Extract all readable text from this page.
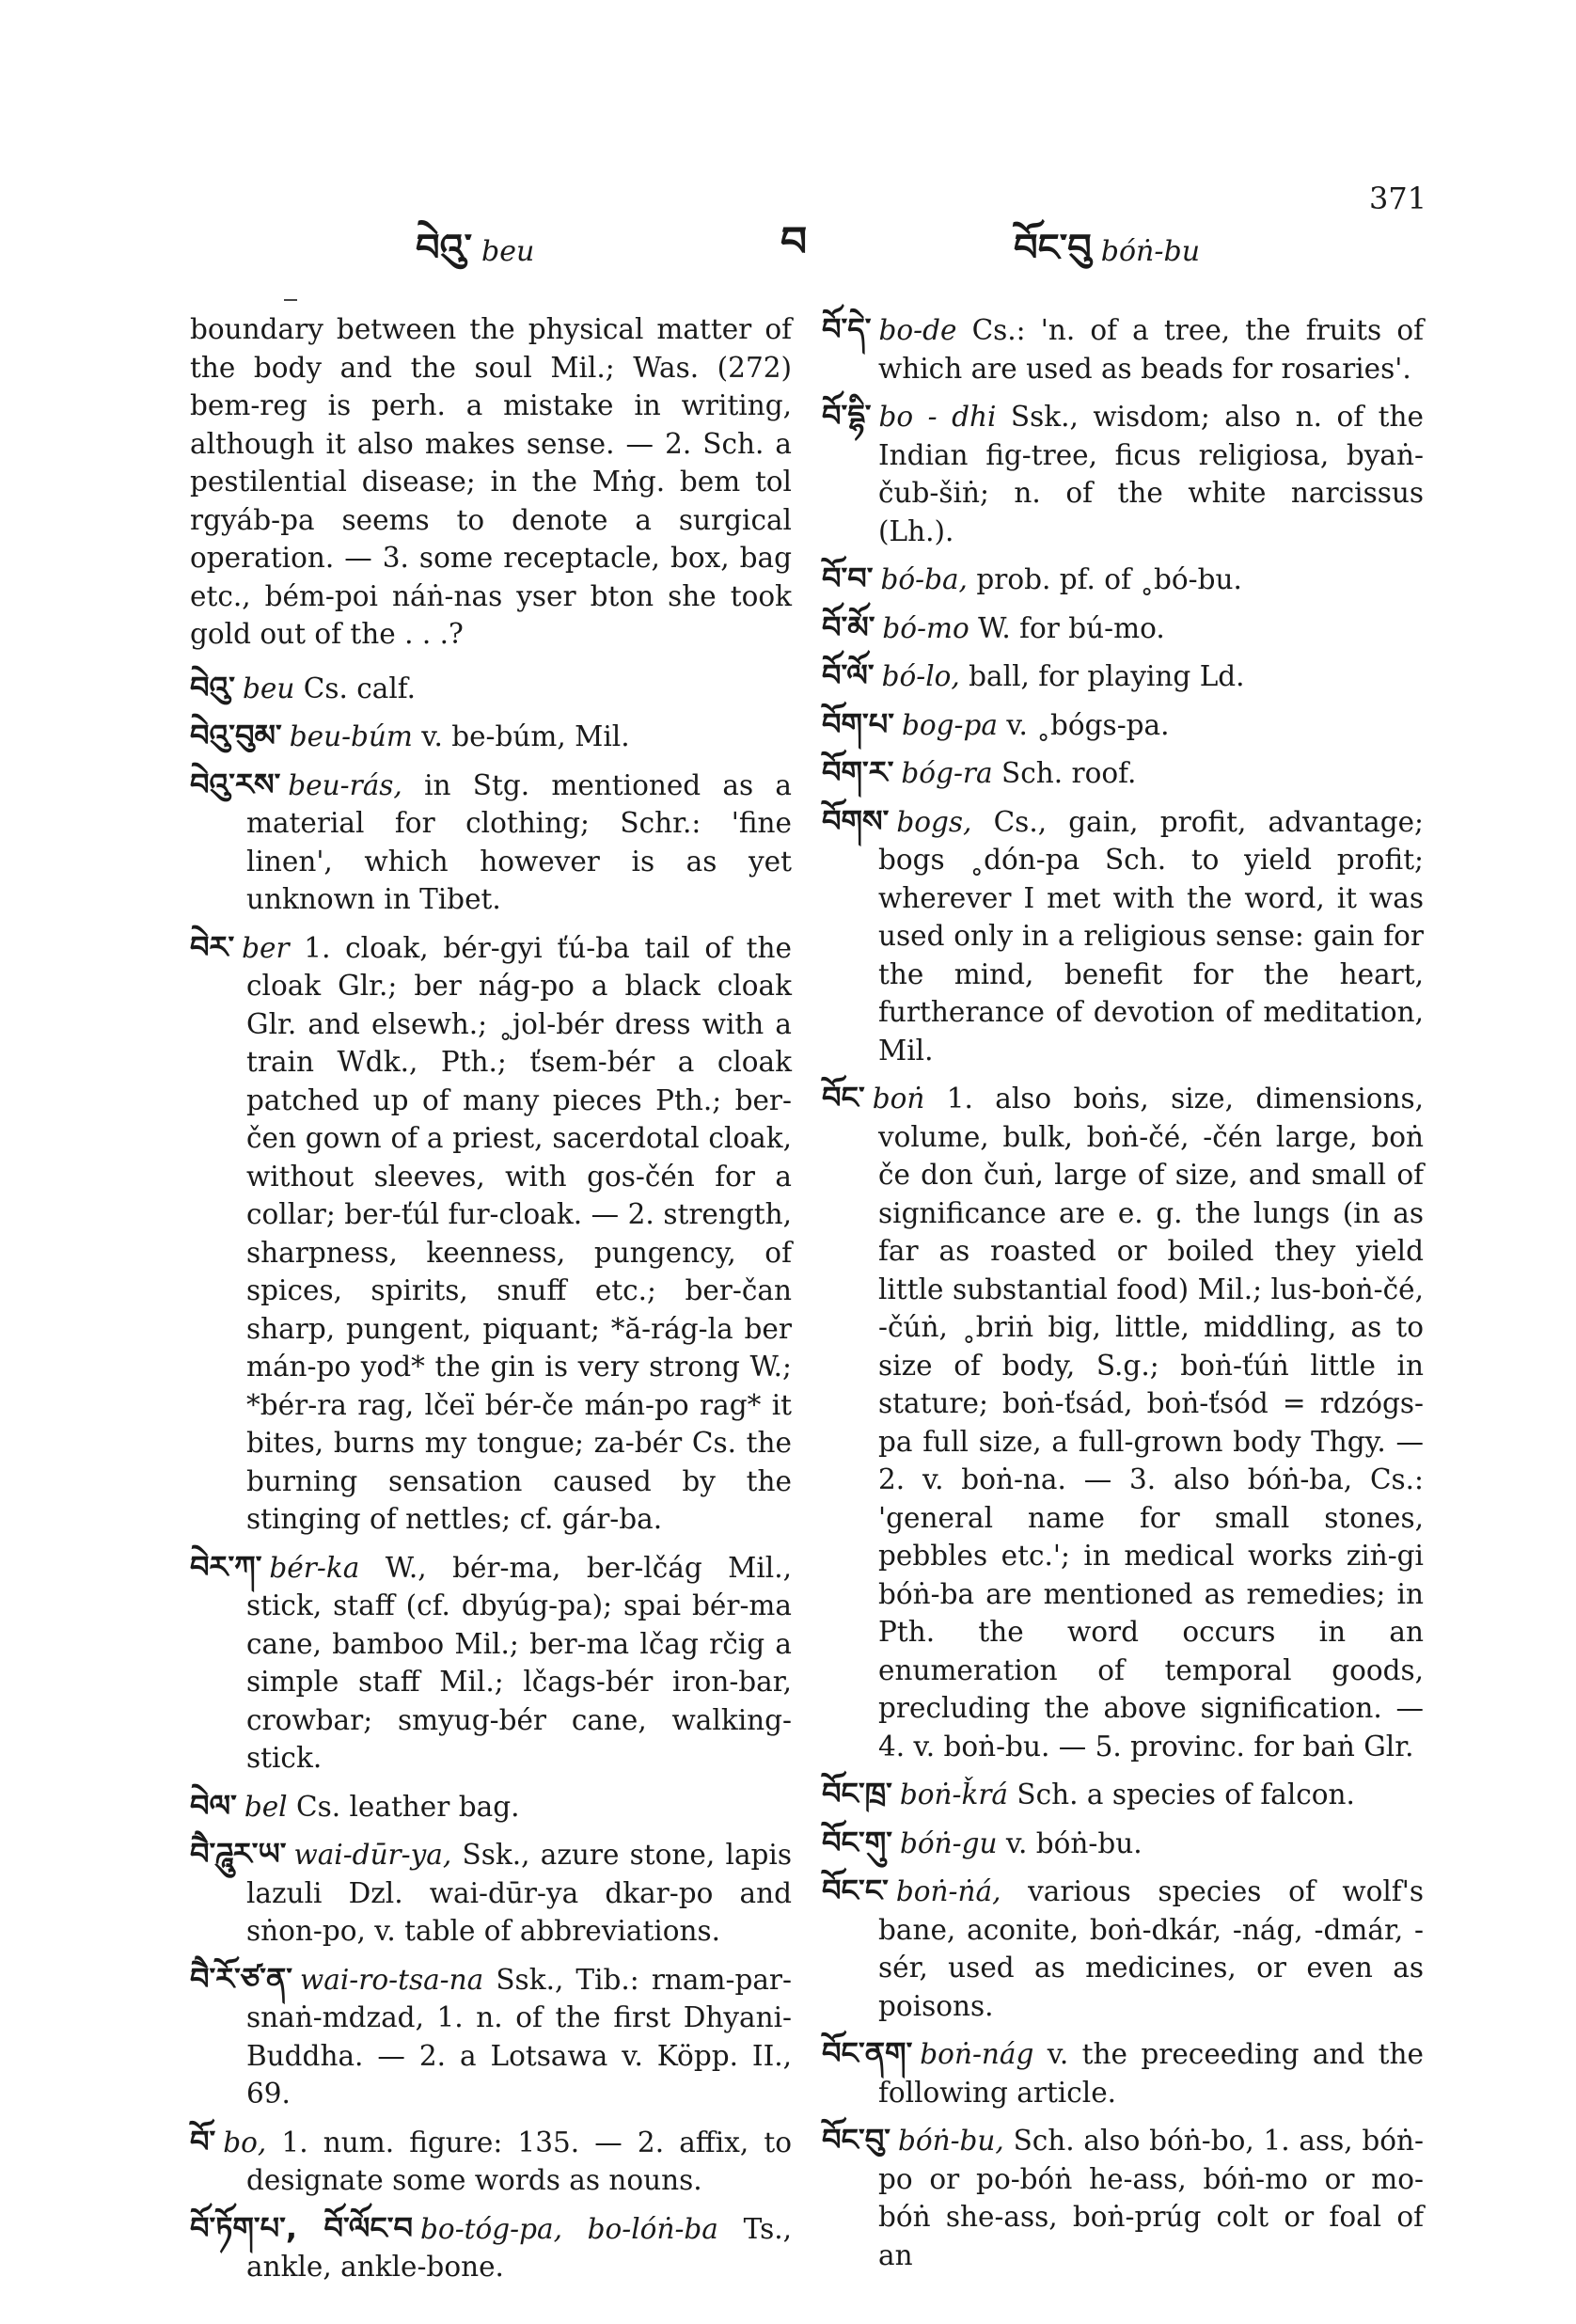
བེའུ་ beu	བ	བོང་བུ bóṅ-bu
371

boundary between the physical matter of the body and the soul Mil.; Was. (272) bem-reg is perh. a mistake in writing, although it also makes sense. — 2. Sch. a pestilential disease; in the Mṅg. bem tol rgyáb-pa seems to denote a surgical operation. — 3. some receptacle, box, bag etc., bém-poi náṅ-nas yser bton she took gold out of the . . .?

བེའུ་ beu Cs. calf.

བེའུ་བུམ་ beu-búm v. be-búm, Mil.

བེའུ་རས་ beu-rás, in Stg. mentioned as a material for clothing; Schr.: 'fine linen', which however is as yet unknown in Tibet.

བེར་ ber 1. cloak, bér-gyi ťú-ba tail of the cloak Glr.; ber nág-po a black cloak Glr. and elsewh.; ˳jol-bér dress with a train Wdk., Pth.; ťsem-bér a cloak patched up of many pieces Pth.; ber-čen gown of a priest, sacerdotal cloak, without sleeves, with gos-čén for a collar; ber-ťúl fur-cloak. — 2. strength, sharpness, keenness, pungency, of spices, spirits, snuff etc.; ber-čan sharp, pungent, piquant; *ă-rág-la ber mán-po yod* the gin is very strong W.; *bér-ra rag, lčeï bér-če mán-po rag* it bites, burns my tongue; za-bér Cs. the burning sensation caused by the stinging of nettles; cf. gár-ba.

བེར་ཀ་ bér-ka W., bér-ma, ber-lčág Mil., stick, staff (cf. dbyúg-pa); spai bér-ma cane, bamboo Mil.; ber-ma lčag rčig a simple staff Mil.; lčags-bér iron-bar, crowbar; smyug-bér cane, walking-stick.

བེལ་ bel Cs. leather bag.

བཻ་ཌཱུར་ཡ་ wai-dūr-ya, Ssk., azure stone, lapis lazuli Dzl. wai-dūr-ya dkar-po and sṅon-po, v. table of abbreviations.

བཻ་རོ་ཙ་ན་ wai-ro-tsa-na Ssk., Tib.: rnam-par-snaṅ-mdzad, 1. n. of the first Dhyani-Buddha. — 2. a Lotsawa v. Köpp. II., 69.

བོ་ bo, 1. num. figure: 135. — 2. affix, to designate some words as nouns.

བོ་ཏོག་པ་, བོ་ལོང་བ bo-tóg-pa, bo-lóṅ-ba Ts., ankle, ankle-bone.

བོ་དེ་ bo-de Cs.: 'n. of a tree, the fruits of which are used as beads for rosaries'.

བོ་དྷི་ bo - dhi Ssk., wisdom; also n. of the Indian fig-tree, ficus religiosa, byaṅ-čub-šiṅ; n. of the white narcissus (Lh.).

བོ་བ་ bó-ba, prob. pf. of ˳bó-bu.

བོ་མོ་ bó-mo W. for bú-mo.

བོ་ལོ་ bó-lo, ball, for playing Ld.

བོག་པ་ bog-pa v. ˳bógs-pa.

བོག་ར་ bóg-ra Sch. roof.

བོགས་ bogs, Cs., gain, profit, advantage; bogs ˳dón-pa Sch. to yield profit; wherever I met with the word, it was used only in a religious sense: gain for the mind, benefit for the heart, furtherance of devotion of meditation, Mil.

བོང་ boṅ 1. also boṅs, size, dimensions, volume, bulk, boṅ-čé, -čén large, boṅ če don čuṅ, large of size, and small of significance are e. g. the lungs (in as far as roasted or boiled they yield little substantial food) Mil.; lus-boṅ-čé, -čúṅ, ˳briṅ big, little, middling, as to size of body, S.g.; boṅ-ťúṅ little in stature; boṅ-ťsád, boṅ-ťsód = rdzógs-pa full size, a full-grown body Thgy. — 2. v. boṅ-na. — 3. also bóṅ-ba, Cs.: 'general name for small stones, pebbles etc.'; in medical works ziṅ-gi bóṅ-ba are mentioned as remedies; in Pth. the word occurs in an enumeration of temporal goods, precluding the above signification. — 4. v. boṅ-bu. — 5. provinc. for baṅ Glr.

བོང་ཁྲ་ boṅ-ǩrá Sch. a species of falcon.

བོང་གུ་ bóṅ-gu v. bóṅ-bu.

བོང་ང་ boṅ-ṅá, various species of wolf's bane, aconite, boṅ-dkár, -nág, -dmár, -sér, used as medicines, or even as poisons.

བོང་ནག་ boṅ-nág v. the preceeding and the following article.

བོང་བུ་ bóṅ-bu, Sch. also bóṅ-bo, 1. ass, bóṅ-po or po-bóṅ he-ass, bóṅ-mo or mo-bóṅ she-ass, boṅ-prúg colt or foal of an
